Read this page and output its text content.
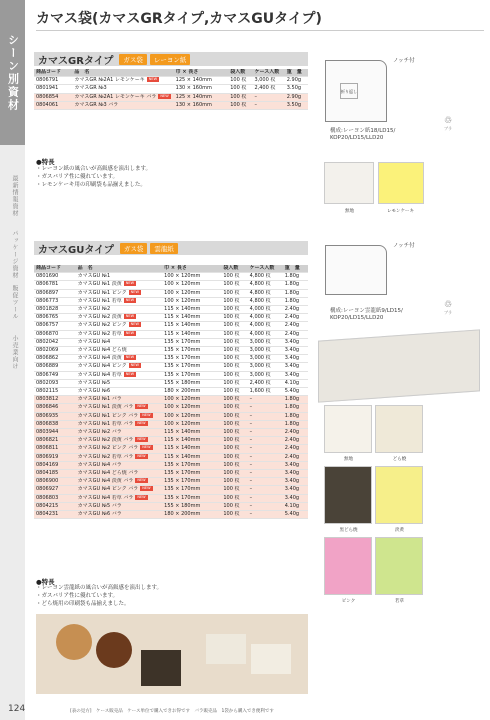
シーン別資材
最新情報資材
パッケージ資材
販促ツール
小売業向け
カマス袋(カマスGRタイプ,カマスGUタイプ)
カマスGRタイプ	ガス袋	レーヨン紙
商品コード	品　名	巾 × 長さ	袋入数	ケース入数	重　量
0806791	カマスGR №2A1 レモンケーキ NEW	125 × 140mm	100 枚	3,000 枚	2.90g
0801941	カマスGR №3	130 × 160mm	100 枚	2,400 枚	3.50g
0806854	カマスGR №2A1 レモンケーキ バラ NEW	125 × 140mm	100 枚	–	2.90g
0804061	カマスGR №3 バラ	130 × 160mm	100 枚	–	3.50g
●特長
・レーヨン紙の風合いが高級感を演出します。
・ガスバリア性に優れています。
・レモンケーキ用の印刷袋も品揃えました。
折り返し
ノッチ付
構成:レーヨン紙18/LD15/
KOP20/LD15/LLD20
♲
プラ
無地	レモンケーキ
カマスGUタイプ	ガス袋	雲龍紙
商品コード	品　名	巾 × 長さ	袋入数	ケース入数	重　量
0801690	カマスGU №1	100 × 120mm	100 枚	4,800 枚	1.80g
0806781	カマスGU №1 淡黄 NEW	100 × 120mm	100 枚	4,800 枚	1.80g
0806897	カマスGU №1 ピンク NEW	100 × 120mm	100 枚	4,800 枚	1.80g
0806773	カマスGU №1 若草 NEW	100 × 120mm	100 枚	4,800 枚	1.80g
0801828	カマスGU №2	115 × 140mm	100 枚	4,000 枚	2.40g
0806765	カマスGU №2 淡黄 NEW	115 × 140mm	100 枚	4,000 枚	2.40g
0806757	カマスGU №2 ピンク NEW	115 × 140mm	100 枚	4,000 枚	2.40g
0806870	カマスGU №2 若草 NEW	115 × 140mm	100 枚	4,000 枚	2.40g
0802042	カマスGU №4	135 × 170mm	100 枚	3,000 枚	3.40g
0802069	カマスGU №4 どら焼	135 × 170mm	100 枚	3,000 枚	3.40g
0806862	カマスGU №4 淡黄 NEW	135 × 170mm	100 枚	3,000 枚	3.40g
0806889	カマスGU №4 ピンク NEW	135 × 170mm	100 枚	3,000 枚	3.40g
0806749	カマスGU №4 若草 NEW	135 × 170mm	100 枚	3,000 枚	3.40g
0802093	カマスGU №5	155 × 180mm	100 枚	2,400 枚	4.10g
0802115	カマスGU №6	180 × 200mm	100 枚	1,600 枚	5.40g
0803812	カマスGU №1 バラ	100 × 120mm	100 枚	–	1.80g
0806846	カマスGU №1 淡黄 バラ NEW	100 × 120mm	100 枚	–	1.80g
0806935	カマスGU №1 ピンク バラ NEW	100 × 120mm	100 枚	–	1.80g
0806838	カマスGU №1 若草 バラ NEW	100 × 120mm	100 枚	–	1.80g
0803944	カマスGU №2 バラ	115 × 140mm	100 枚	–	2.40g
0806821	カマスGU №2 淡黄 バラ NEW	115 × 140mm	100 枚	–	2.40g
0806811	カマスGU №2 ピンク バラ NEW	115 × 140mm	100 枚	–	2.40g
0806919	カマスGU №2 若草 バラ NEW	115 × 140mm	100 枚	–	2.40g
0804169	カマスGU №4 バラ	135 × 170mm	100 枚	–	3.40g
0804185	カマスGU №4 どら焼 バラ	135 × 170mm	100 枚	–	3.40g
0806900	カマスGU №4 淡黄 バラ NEW	135 × 170mm	100 枚	–	3.40g
0806927	カマスGU №4 ピンク バラ NEW	135 × 170mm	100 枚	–	3.40g
0806803	カマスGU №4 若草 バラ NEW	135 × 170mm	100 枚	–	3.40g
0804215	カマスGU №5 バラ	155 × 180mm	100 枚	–	4.10g
0804231	カマスGU №6 バラ	180 × 200mm	100 枚	–	5.40g
●特長
・レーヨン雲龍紙の風合いが高級感を演出します。
・ガスバリア性に優れています。
・どら焼用の印刷袋も品揃えました。
ノッチ付
構成:レーヨン雲龍紙9/LD15/
KOP20/LD15/LLD20
♲
プラ
無地	どら焼
黒どら焼	淡黄
ピンク	若草
124	[表の見方]　ケース販売品　ケース単位で購入できお得です　バラ販売品　1袋から購入でき便利です
